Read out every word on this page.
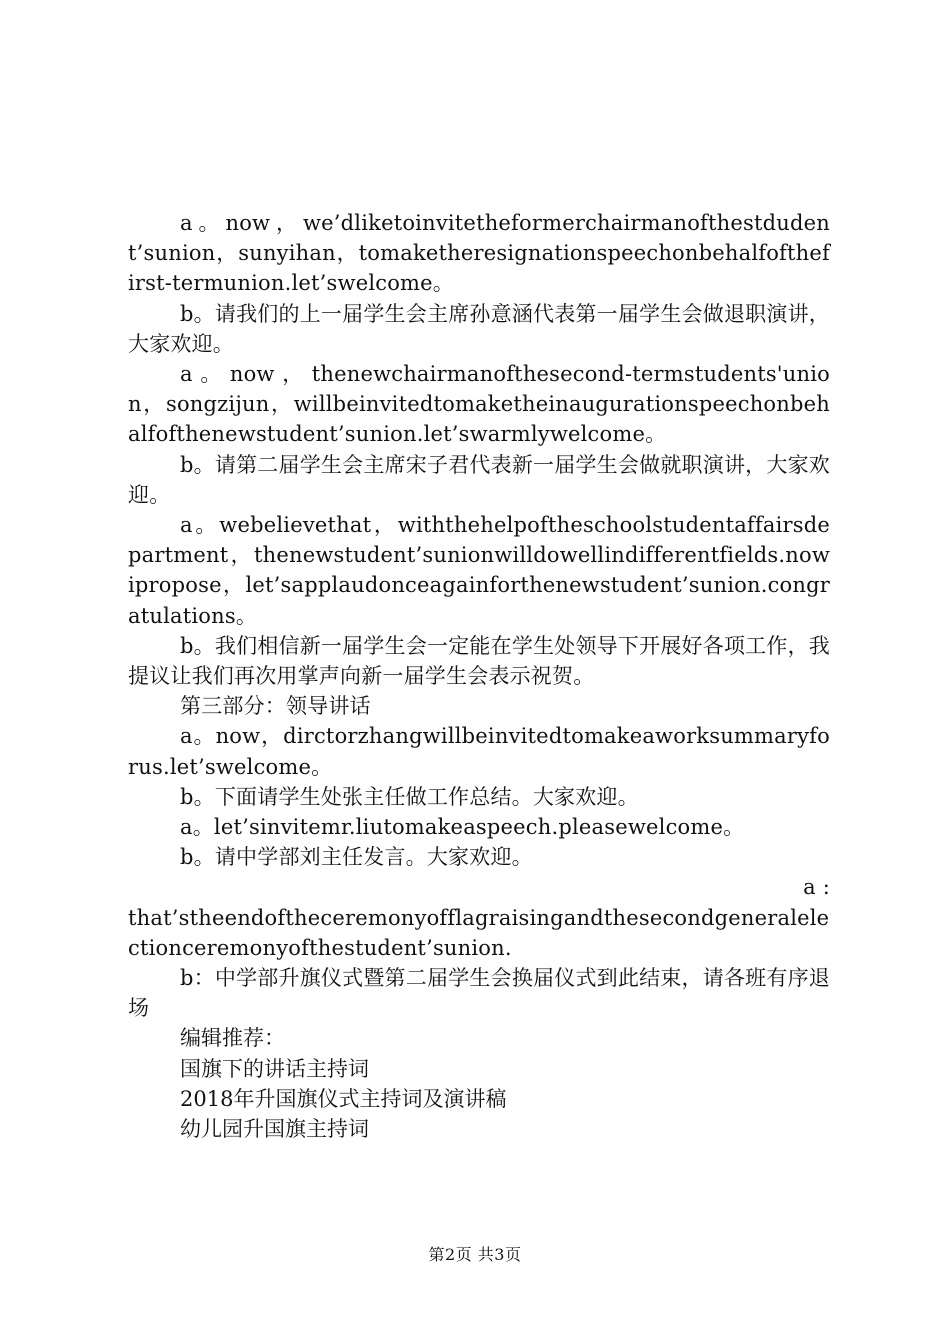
a。now，we’dliketoinvitetheformerchairmanofthestdudent’sunion，sunyihan，tomaketheresignationspeechonbehalfofthefirst-termunion.let’swelcome。

b。请我们的上一届学生会主席孙意涵代表第一届学生会做退职演讲，大家欢迎。

a 。 now ， thenewchairmanofthesecond-termstudents'union，songzijun，willbeinvitedtomaketheinaugurationspeechonbehalfofthenewstudent’sunion.let’swarmlywelcome。

b。请第二届学生会主席宋子君代表新一届学生会做就职演讲，大家欢迎。

a。webelievethat，withthehelpoftheschoolstudentaffairsdepartment，thenewstudent’sunionwilldowellindifferentfields.nowipropose，let’sapplaudonceagainforthenewstudent’sunion.congratulations。

b。我们相信新一届学生会一定能在学生处领导下开展好各项工作，我提议让我们再次用掌声向新一届学生会表示祝贺。

第三部分：领导讲话

a。now，dirctorzhangwillbeinvitedtomakeaworksummaryforus.let’swelcome。

b。下面请学生处张主任做工作总结。大家欢迎。

a。let’sinvitemr.liutomakeaspeech.pleasewelcome。

b。请中学部刘主任发言。大家欢迎。

a :

that’stheendoftheceremonyofflagraisingandthesecondgeneralelectionceremonyofthestudent’sunion.

b：中学部升旗仪式暨第二届学生会换届仪式到此结束，请各班有序退场

编辑推荐：

国旗下的讲话主持词

2018年升国旗仪式主持词及演讲稿

幼儿园升国旗主持词

第2页 共3页
